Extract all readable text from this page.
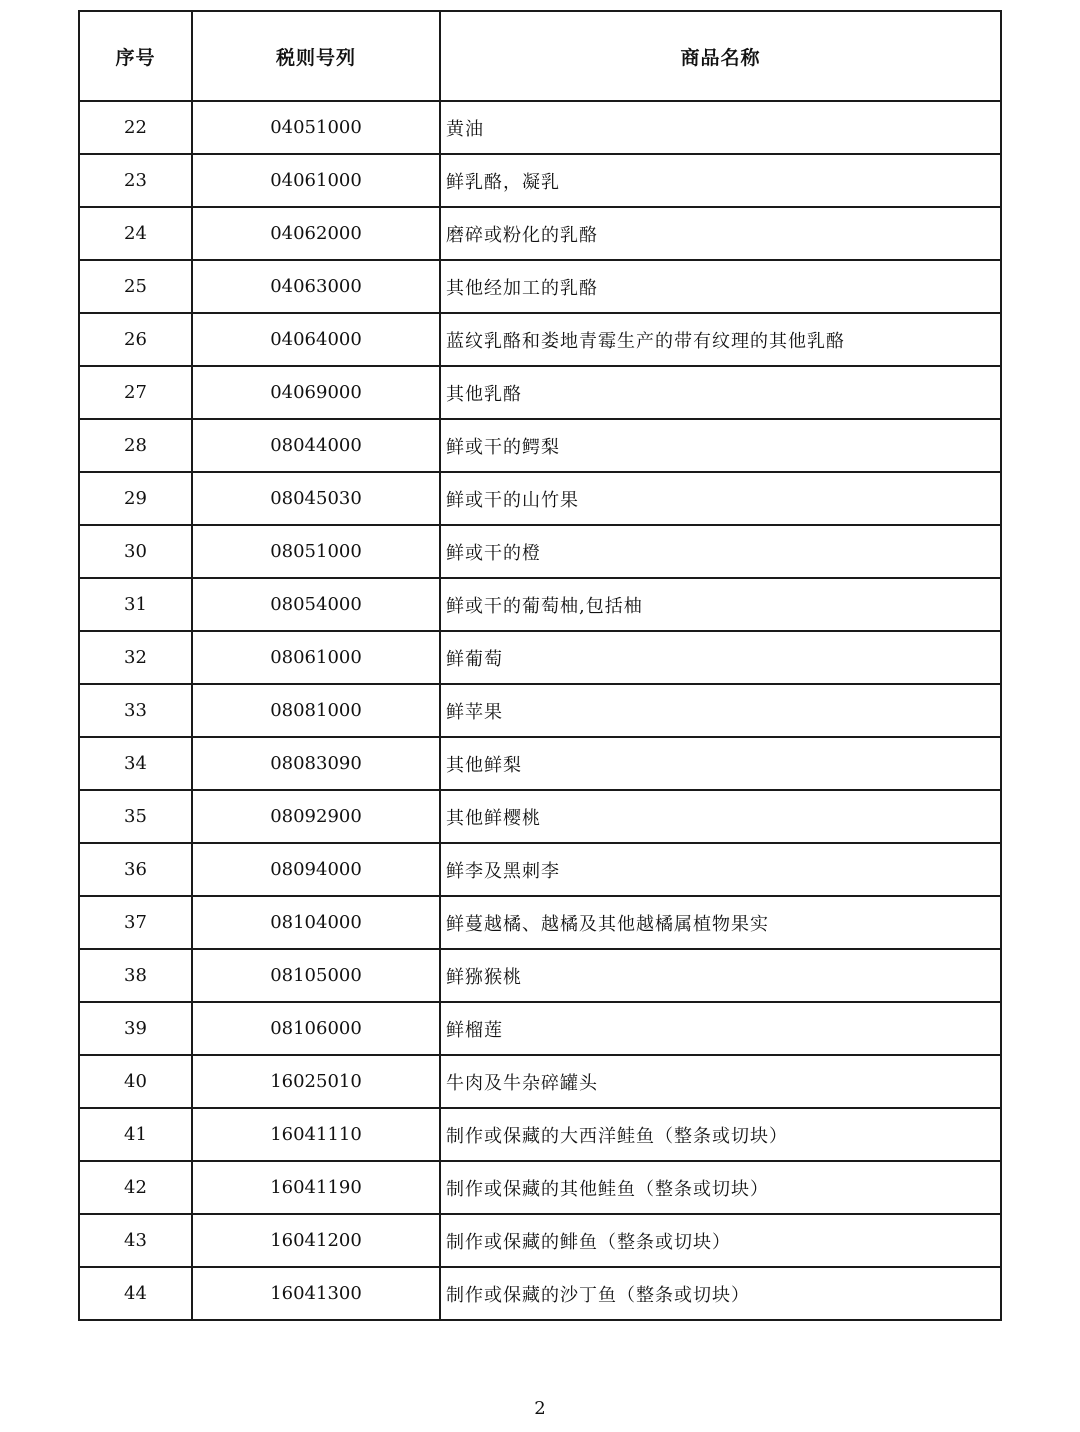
序号	税则号列	商品名称
22	04051000	黄油
23	04061000	鲜乳酪，凝乳
24	04062000	磨碎或粉化的乳酪
25	04063000	其他经加工的乳酪
26	04064000	蓝纹乳酪和娄地青霉生产的带有纹理的其他乳酪
27	04069000	其他乳酪
28	08044000	鲜或干的鳄梨
29	08045030	鲜或干的山竹果
30	08051000	鲜或干的橙
31	08054000	鲜或干的葡萄柚,包括柚
32	08061000	鲜葡萄
33	08081000	鲜苹果
34	08083090	其他鲜梨
35	08092900	其他鲜樱桃
36	08094000	鲜李及黑刺李
37	08104000	鲜蔓越橘、越橘及其他越橘属植物果实
38	08105000	鲜猕猴桃
39	08106000	鲜榴莲
40	16025010	牛肉及牛杂碎罐头
41	16041110	制作或保藏的大西洋鲑鱼（整条或切块）
42	16041190	制作或保藏的其他鲑鱼（整条或切块）
43	16041200	制作或保藏的鲱鱼（整条或切块）
44	16041300	制作或保藏的沙丁鱼（整条或切块）
2
